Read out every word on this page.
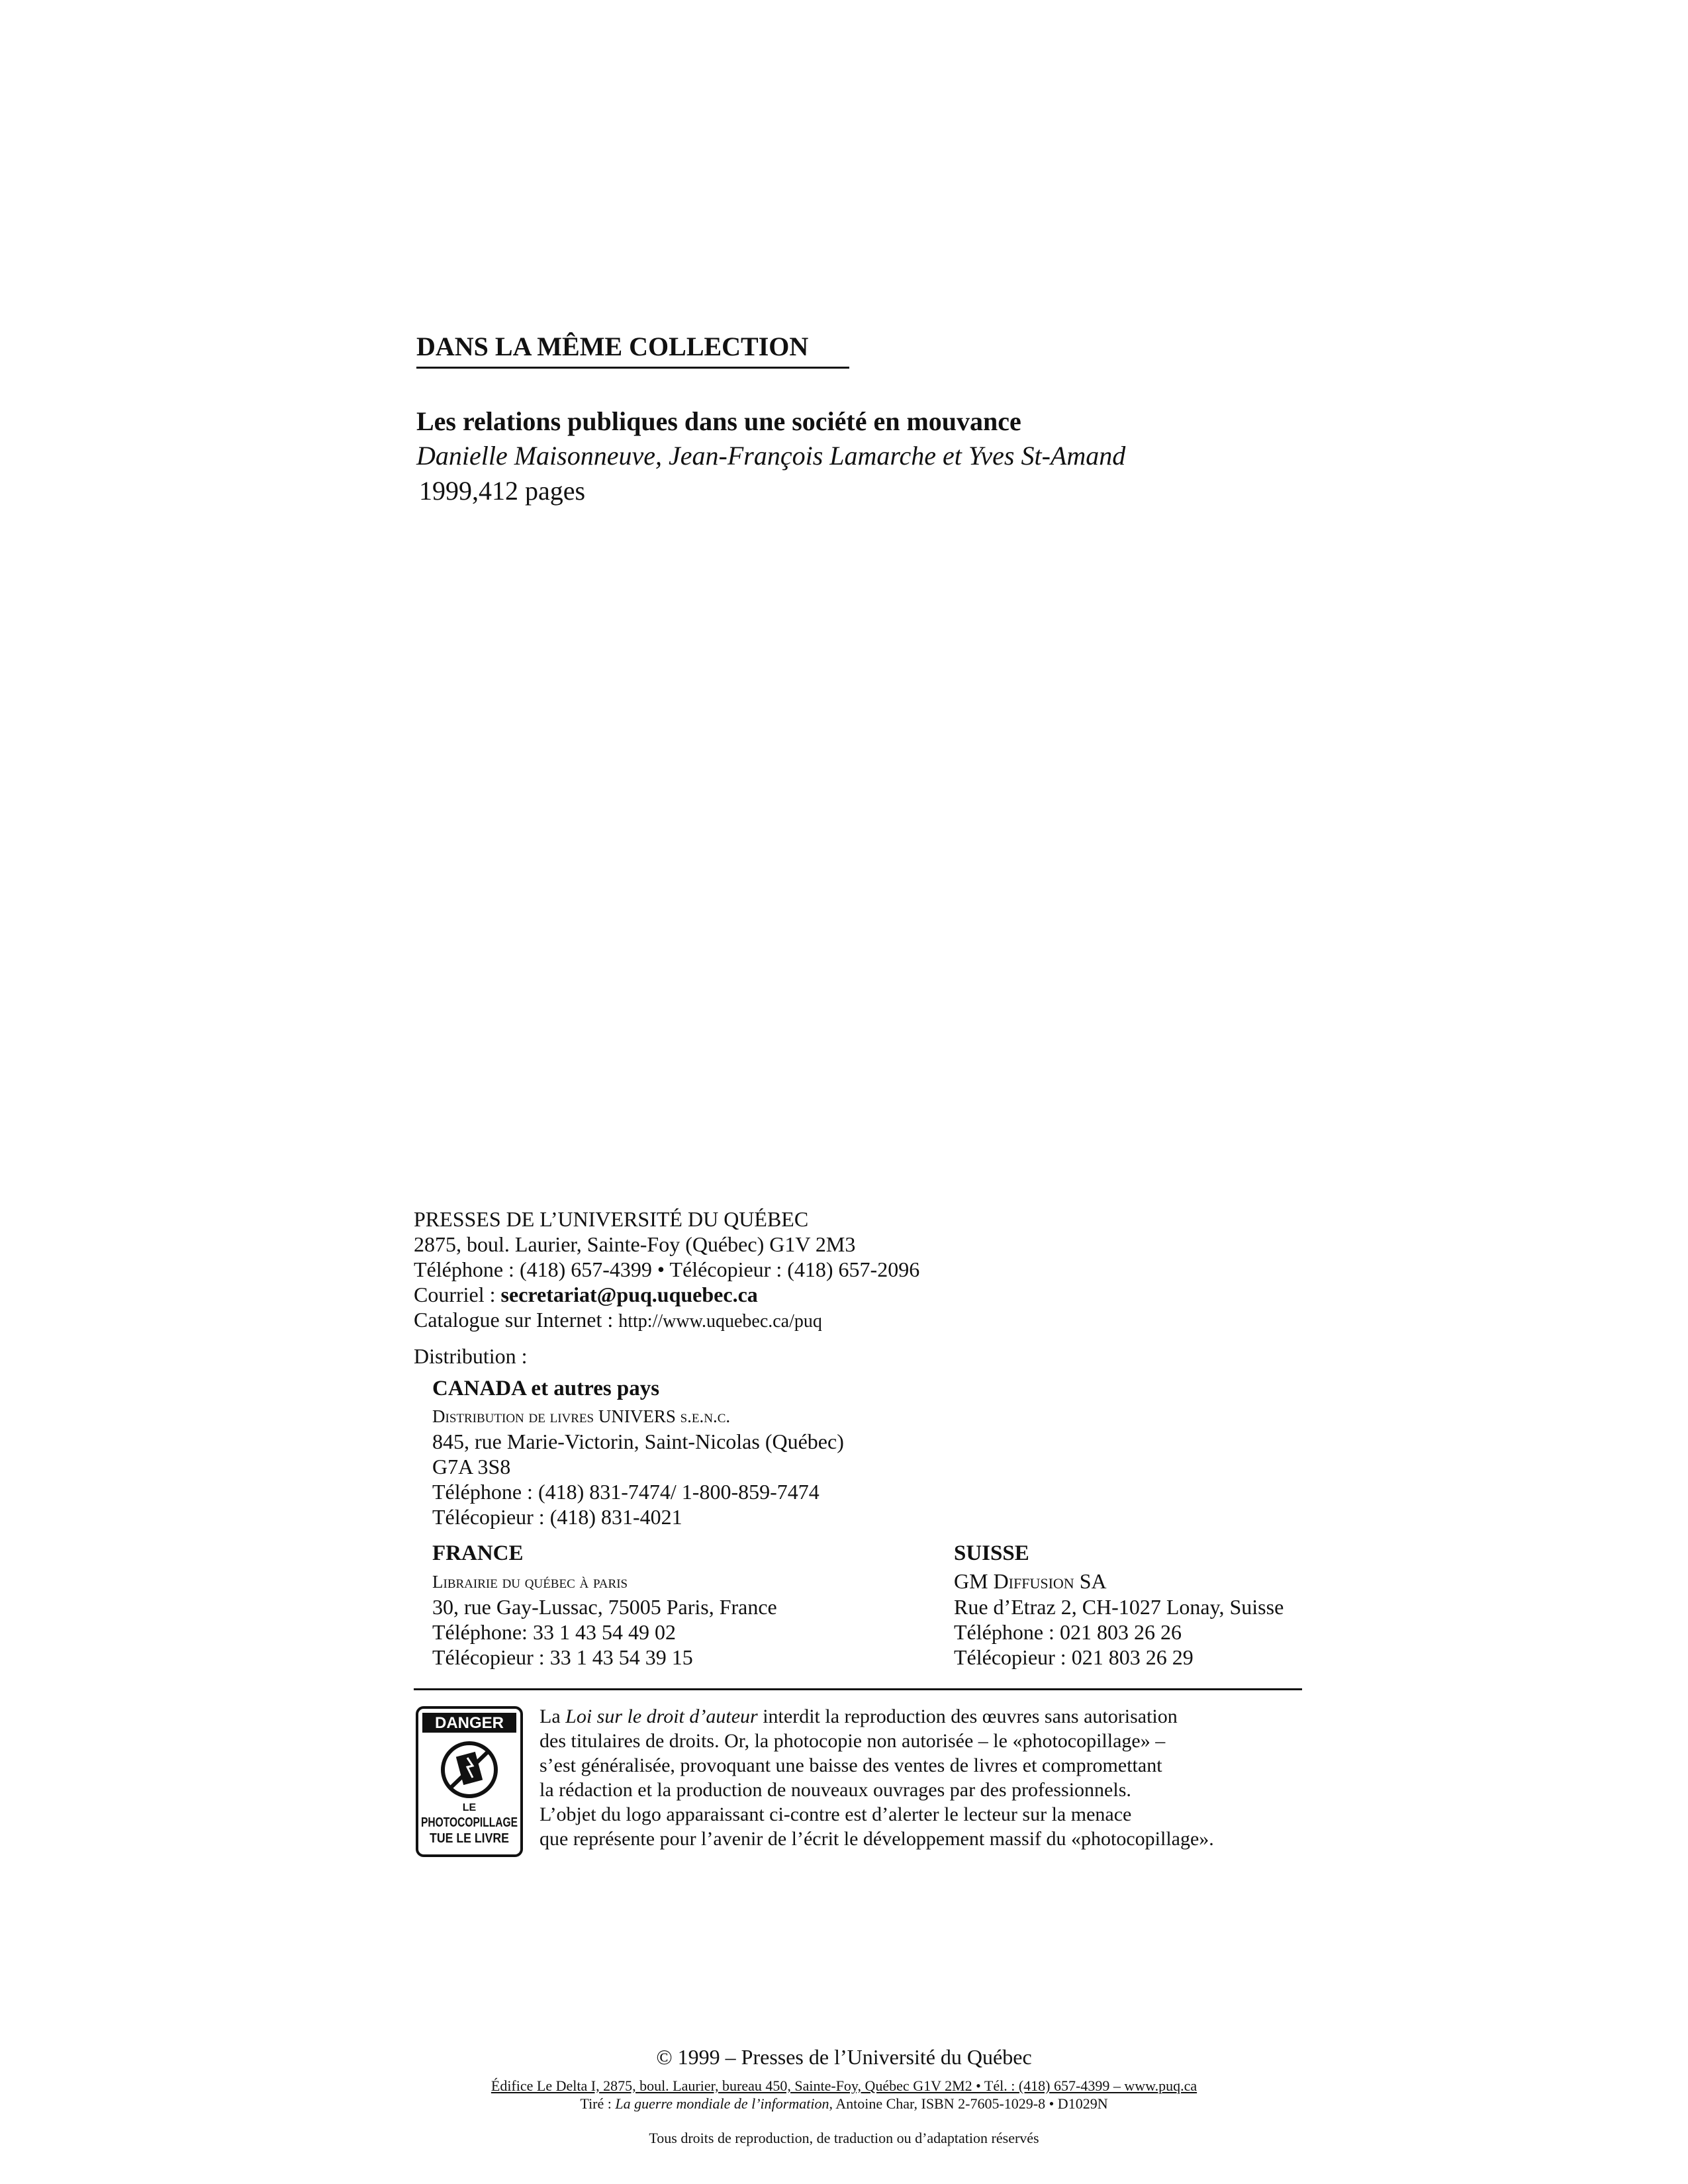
DANS LA MÊME COLLECTION
Les relations publiques dans une société en mouvance
Danielle Maisonneuve, Jean-François Lamarche et Yves St-Amand
1999,412 pages
PRESSES DE L’UNIVERSITÉ DU QUÉBEC
2875, boul. Laurier, Sainte-Foy (Québec) G1V 2M3
Téléphone : (418) 657-4399 • Télécopieur : (418) 657-2096
Courriel : secretariat@puq.uquebec.ca
Catalogue sur Internet : http://www.uquebec.ca/puq
Distribution :
CANADA et autres pays
Distribution de livres UNIVERS s.e.n.c.
845, rue Marie-Victorin, Saint-Nicolas (Québec)
G7A 3S8
Téléphone : (418) 831-7474/ 1-800-859-7474
Télécopieur : (418) 831-4021
FRANCE
Librairie du québec à paris
30, rue Gay-Lussac, 75005 Paris, France
Téléphone: 33 1 43 54 49 02
Télécopieur : 33 1 43 54 39 15
SUISSE
GM Diffusion SA
Rue d’Etraz 2, CH-1027 Lonay, Suisse
Téléphone : 021 803 26 26
Télécopieur : 021 803 26 29
DANGER
LE
PHOTOCOPILLAGE
TUE LE LIVRE
La Loi sur le droit d’auteur interdit la reproduction des œuvres sans autorisation
des titulaires de droits. Or, la photocopie non autorisée – le «photocopillage» –
s’est généralisée, provoquant une baisse des ventes de livres et compromettant
la rédaction et la production de nouveaux ouvrages par des professionnels.
L’objet du logo apparaissant ci-contre est d’alerter le lecteur sur la menace
que représente pour l’avenir de l’écrit le développement massif du «photocopillage».
© 1999 – Presses de l’Université du Québec
Édifice Le Delta I, 2875, boul. Laurier, bureau 450, Sainte-Foy, Québec G1V 2M2 • Tél. : (418) 657-4399 – www.puq.ca
Tiré : La guerre mondiale de l’information, Antoine Char, ISBN 2-7605-1029-8 • D1029N
Tous droits de reproduction, de traduction ou d’adaptation réservés
